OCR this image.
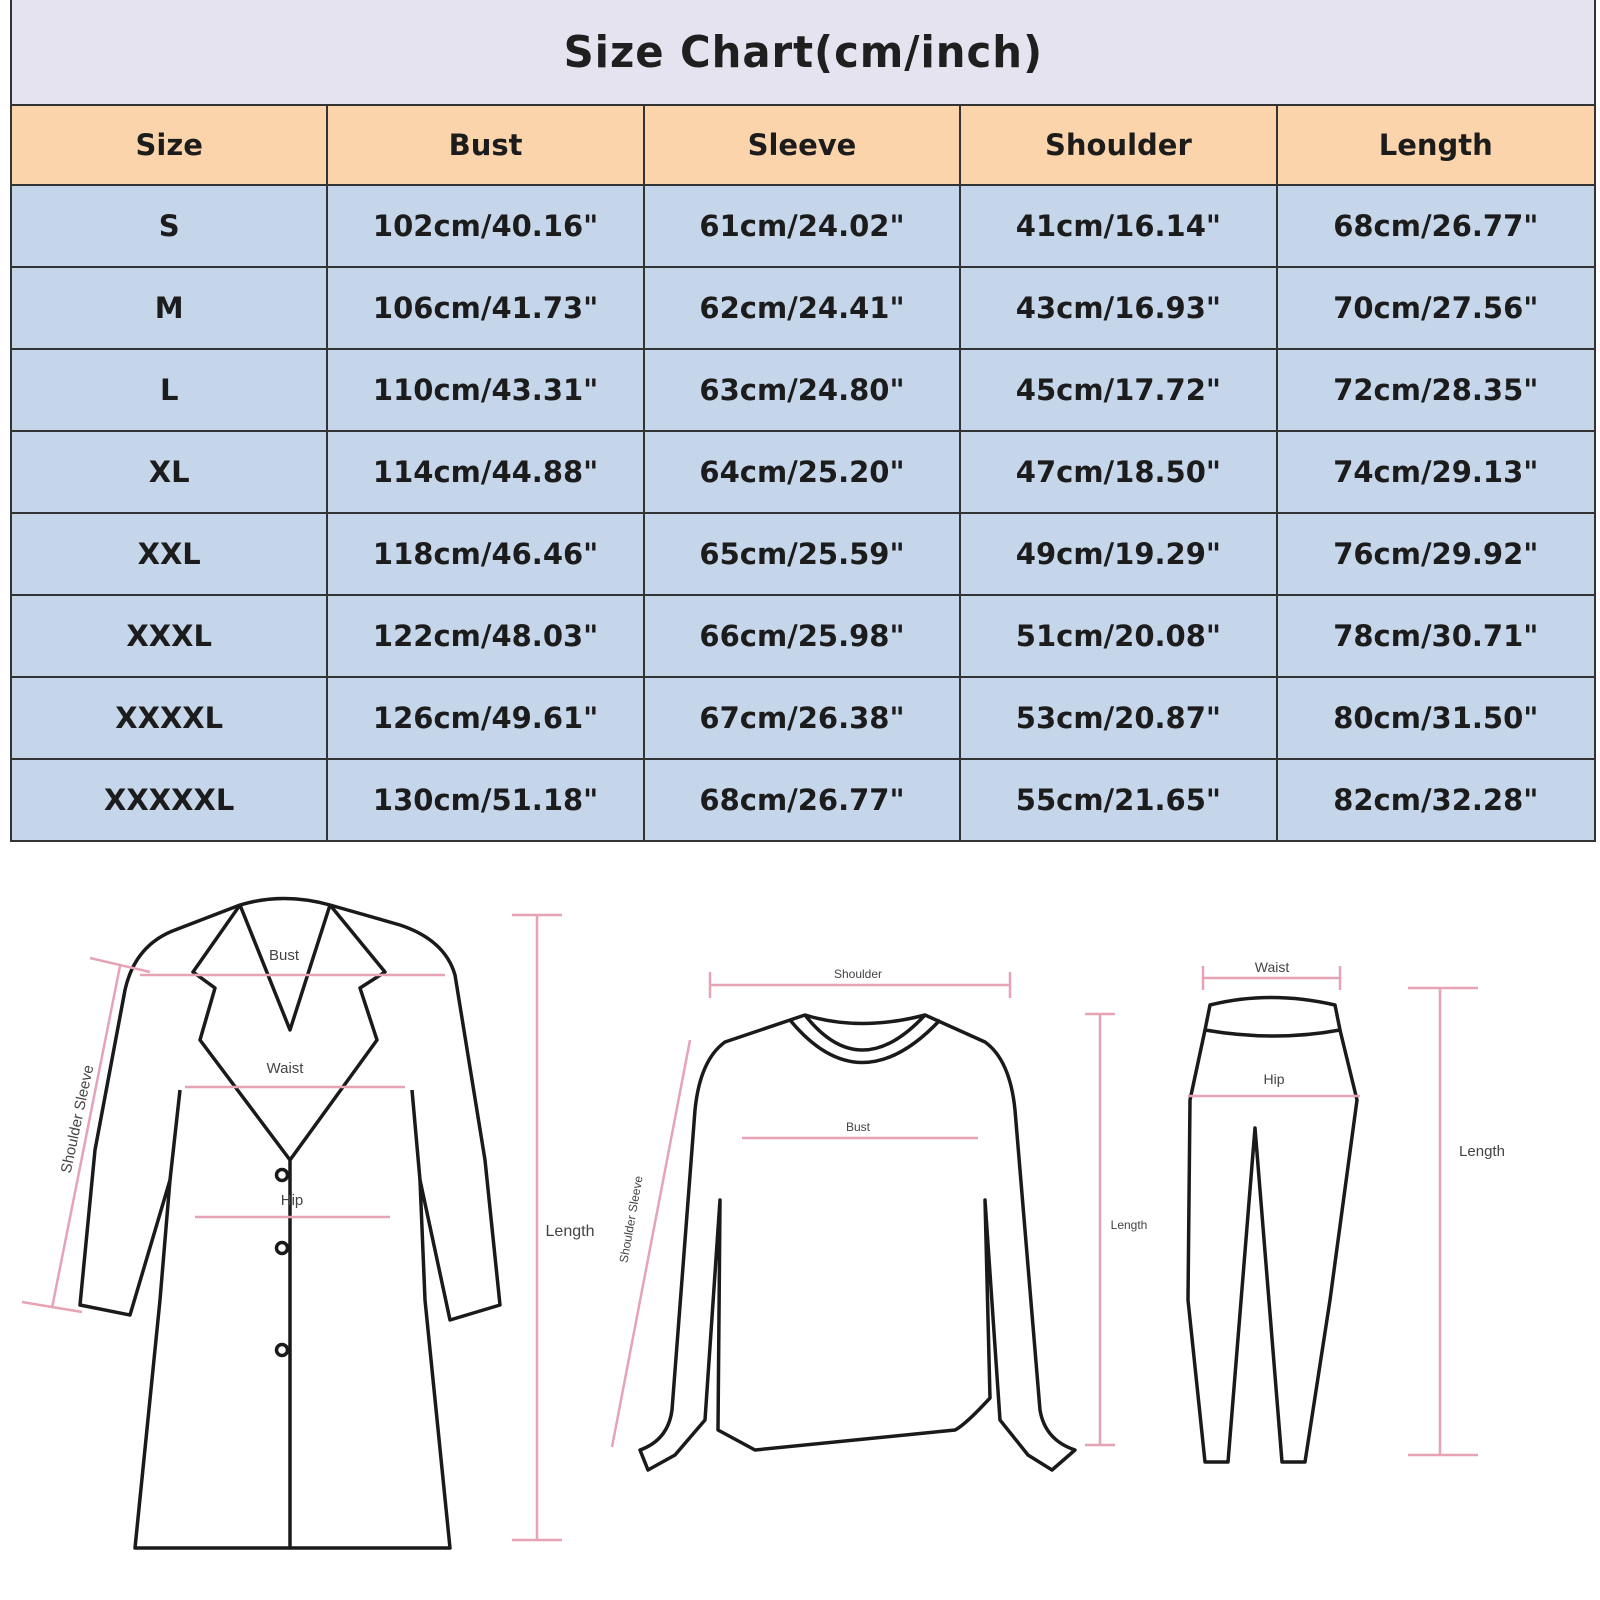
Size Chart(cm/inch)
Size	Bust	Sleeve	Shoulder	Length
S	102cm/40.16"	61cm/24.02"	41cm/16.14"	68cm/26.77"
M	106cm/41.73"	62cm/24.41"	43cm/16.93"	70cm/27.56"
L	110cm/43.31"	63cm/24.80"	45cm/17.72"	72cm/28.35"
XL	114cm/44.88"	64cm/25.20"	47cm/18.50"	74cm/29.13"
XXL	118cm/46.46"	65cm/25.59"	49cm/19.29"	76cm/29.92"
XXXL	122cm/48.03"	66cm/25.98"	51cm/20.08"	78cm/30.71"
XXXXL	126cm/49.61"	67cm/26.38"	53cm/20.87"	80cm/31.50"
XXXXXL	130cm/51.18"	68cm/26.77"	55cm/21.65"	82cm/32.28"
Bust
Waist
Hip
Shoulder Sleeve
Length
Shoulder
Bust
Shoulder Sleeve	Length
Waist
Hip
Length
